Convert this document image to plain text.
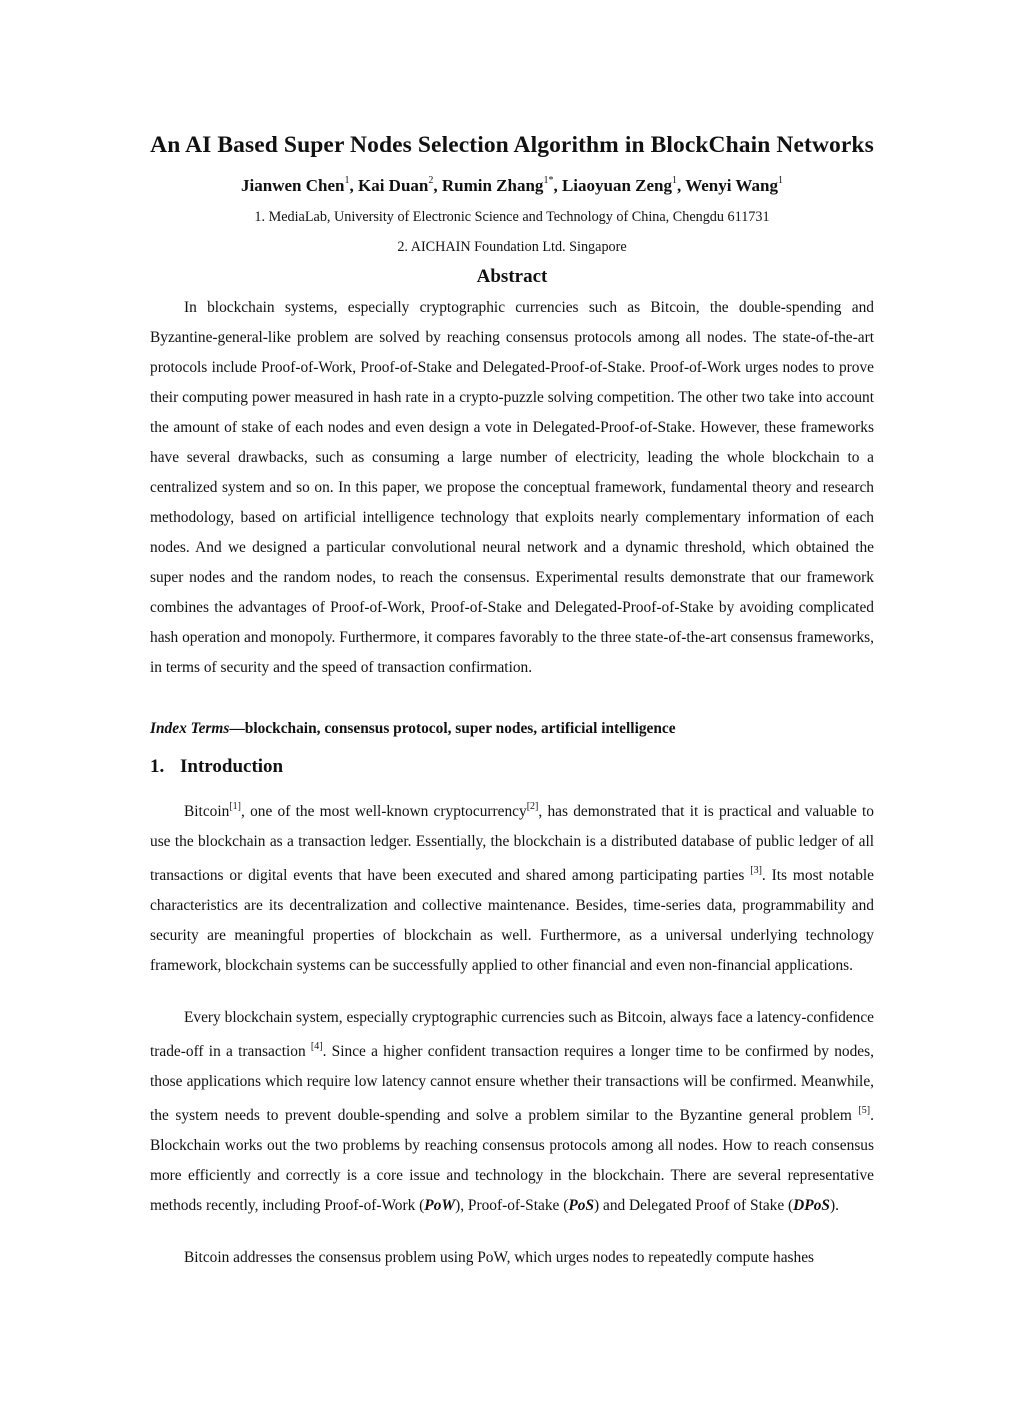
An AI Based Super Nodes Selection Algorithm in BlockChain Networks
Jianwen Chen$^1$, Kai Duan$^2$, Rumin Zhang$^{1*}$, Liaoyuan Zeng$^1$, Wenyi Wang$^1$
1. MediaLab, University of Electronic Science and Technology of China, Chengdu 611731
2. AICHAIN Foundation Ltd. Singapore
Abstract

In blockchain systems, especially cryptographic currencies such as Bitcoin, the double-spending and Byzantine-general-like problem are solved by reaching consensus protocols among all nodes. The state-of-the-art protocols include Proof-of-Work, Proof-of-Stake and Delegated-Proof-of-Stake. Proof-of-Work urges nodes to prove their computing power measured in hash rate in a crypto-puzzle solving competition. The other two take into account the amount of stake of each nodes and even design a vote in Delegated-Proof-of-Stake. However, these frameworks have several drawbacks, such as consuming a large number of electricity, leading the whole blockchain to a centralized system and so on. In this paper, we propose the conceptual framework, fundamental theory and research methodology, based on artificial intelligence technology that exploits nearly complementary information of each nodes. And we designed a particular convolutional neural network and a dynamic threshold, which obtained the super nodes and the random nodes, to reach the consensus. Experimental results demonstrate that our framework combines the advantages of Proof-of-Work, Proof-of-Stake and Delegated-Proof-of-Stake by avoiding complicated hash operation and monopoly. Furthermore, it compares favorably to the three state-of-the-art consensus frameworks, in terms of security and the speed of transaction confirmation.

Index Terms—blockchain, consensus protocol, super nodes, artificial intelligence
1. Introduction

Bitcoin[1], one of the most well-known cryptocurrency[2], has demonstrated that it is practical and valuable to use the blockchain as a transaction ledger. Essentially, the blockchain is a distributed database of public ledger of all transactions or digital events that have been executed and shared among participating parties [3]. Its most notable characteristics are its decentralization and collective maintenance. Besides, time-series data, programmability and security are meaningful properties of blockchain as well. Furthermore, as a universal underlying technology framework, blockchain systems can be successfully applied to other financial and even non-financial applications.

Every blockchain system, especially cryptographic currencies such as Bitcoin, always face a latency-confidence trade-off in a transaction [4]. Since a higher confident transaction requires a longer time to be confirmed by nodes, those applications which require low latency cannot ensure whether their transactions will be confirmed. Meanwhile, the system needs to prevent double-spending and solve a problem similar to the Byzantine general problem [5]. Blockchain works out the two problems by reaching consensus protocols among all nodes. How to reach consensus more efficiently and correctly is a core issue and technology in the blockchain. There are several representative methods recently, including Proof-of-Work (PoW), Proof-of-Stake (PoS) and Delegated Proof of Stake (DPoS).

Bitcoin addresses the consensus problem using PoW, which urges nodes to repeatedly compute hashes
